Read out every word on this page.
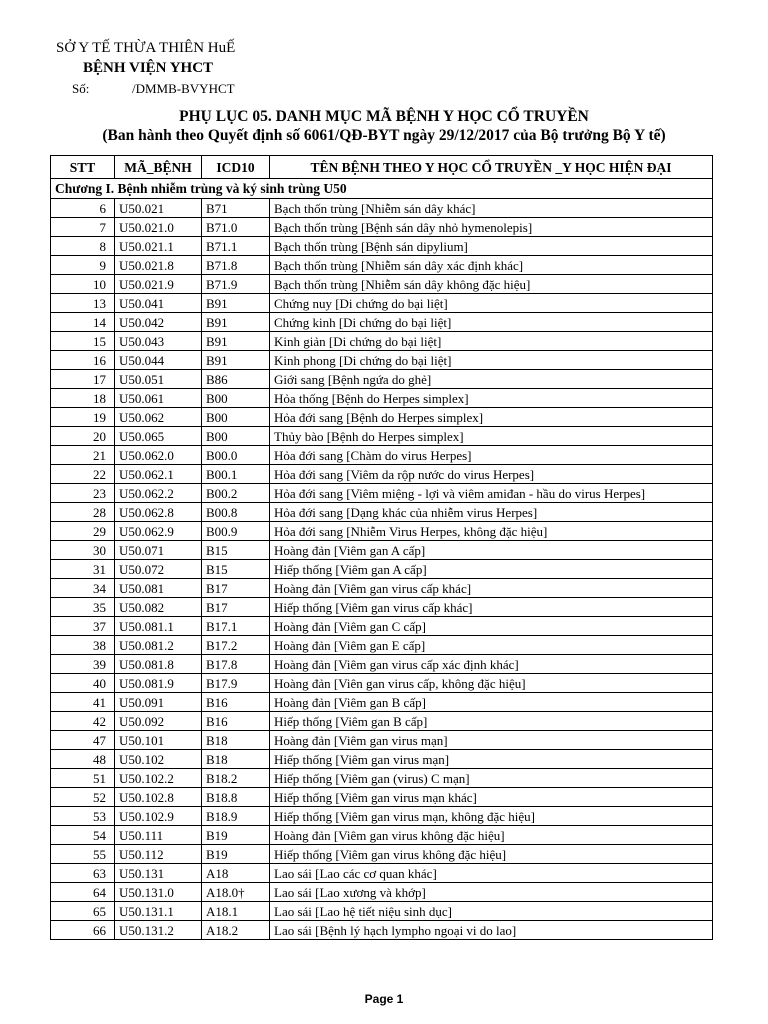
SỞ Y TẾ THỪA THIÊN HuẾ
BỆNH VIỆN YHCT
Số:	/DMMB-BVYHCT
PHỤ LỤC 05. DANH MỤC MÃ BỆNH Y HỌC CỔ TRUYỀN
(Ban hành theo Quyết định số 6061/QĐ-BYT ngày 29/12/2017 của Bộ trưởng Bộ Y tế)
STT	MÃ_BỆNH	ICD10	TÊN BỆNH THEO Y HỌC CỔ TRUYỀN _Y HỌC HIỆN ĐẠI
Chương I. Bệnh nhiễm trùng và ký sinh trùng U50			
6	U50.021	B71	Bạch thốn trùng [Nhiễm sán dây khác]
7	U50.021.0	B71.0	Bạch thốn trùng [Bệnh sán dây nhỏ hymenolepis]
8	U50.021.1	B71.1	Bạch thốn trùng [Bệnh sán dipylium]
9	U50.021.8	B71.8	Bạch thốn trùng [Nhiễm sán dây xác định khác]
10	U50.021.9	B71.9	Bạch thốn trùng [Nhiễm sán dây không đặc hiệu]
13	U50.041	B91	Chứng nuy [Di chứng do bại liệt]
14	U50.042	B91	Chứng kinh [Di chứng do bại liệt]
15	U50.043	B91	Kinh giản [Di chứng do bại liệt]
16	U50.044	B91	Kinh phong [Di chứng do bại liệt]
17	U50.051	B86	Giới sang [Bệnh ngứa do ghẻ]
18	U50.061	B00	Hỏa thống [Bệnh do Herpes simplex]
19	U50.062	B00	Hỏa đới sang [Bệnh do Herpes simplex]
20	U50.065	B00	Thủy bào [Bệnh do Herpes simplex]
21	U50.062.0	B00.0	Hỏa đới sang [Chàm do virus Herpes]
22	U50.062.1	B00.1	Hỏa đới sang [Viêm da rộp nước do virus Herpes]
23	U50.062.2	B00.2	Hỏa đới sang [Viêm miệng - lợi và viêm amiđan - hầu do virus Herpes]
28	U50.062.8	B00.8	Hỏa đới sang [Dạng khác của nhiễm virus Herpes]
29	U50.062.9	B00.9	Hỏa đới sang [Nhiễm Virus Herpes, không đặc hiệu]
30	U50.071	B15	Hoàng đản [Viêm gan A cấp]
31	U50.072	B15	Hiếp thống [Viêm gan A cấp]
34	U50.081	B17	Hoàng đản [Viêm gan virus cấp khác]
35	U50.082	B17	Hiếp thống [Viêm gan virus cấp khác]
37	U50.081.1	B17.1	Hoàng đản [Viêm gan C cấp]
38	U50.081.2	B17.2	Hoàng đản [Viêm gan E cấp]
39	U50.081.8	B17.8	Hoàng đản [Viêm gan virus cấp xác định khác]
40	U50.081.9	B17.9	Hoàng đản [Viên gan virus cấp, không đặc hiệu]
41	U50.091	B16	Hoàng đản [Viêm gan B cấp]
42	U50.092	B16	Hiếp thống [Viêm gan B cấp]
47	U50.101	B18	Hoàng đản [Viêm gan virus mạn]
48	U50.102	B18	Hiếp thống [Viêm gan virus mạn]
51	U50.102.2	B18.2	Hiếp thống [Viêm gan (virus) C mạn]
52	U50.102.8	B18.8	Hiếp thống [Viêm gan virus mạn khác]
53	U50.102.9	B18.9	Hiếp thống [Viêm gan virus mạn, không đặc hiệu]
54	U50.111	B19	Hoàng đản [Viêm gan virus không đặc hiệu]
55	U50.112	B19	Hiếp thống [Viêm gan virus không đặc hiệu]
63	U50.131	A18	Lao sái [Lao các cơ quan khác]
64	U50.131.0	A18.0†	Lao sái [Lao xương và khớp]
65	U50.131.1	A18.1	Lao sái [Lao hệ tiết niệu sinh dục]
66	U50.131.2	A18.2	Lao sái [Bệnh lý hạch lympho ngoại vi do lao]
Page 1
